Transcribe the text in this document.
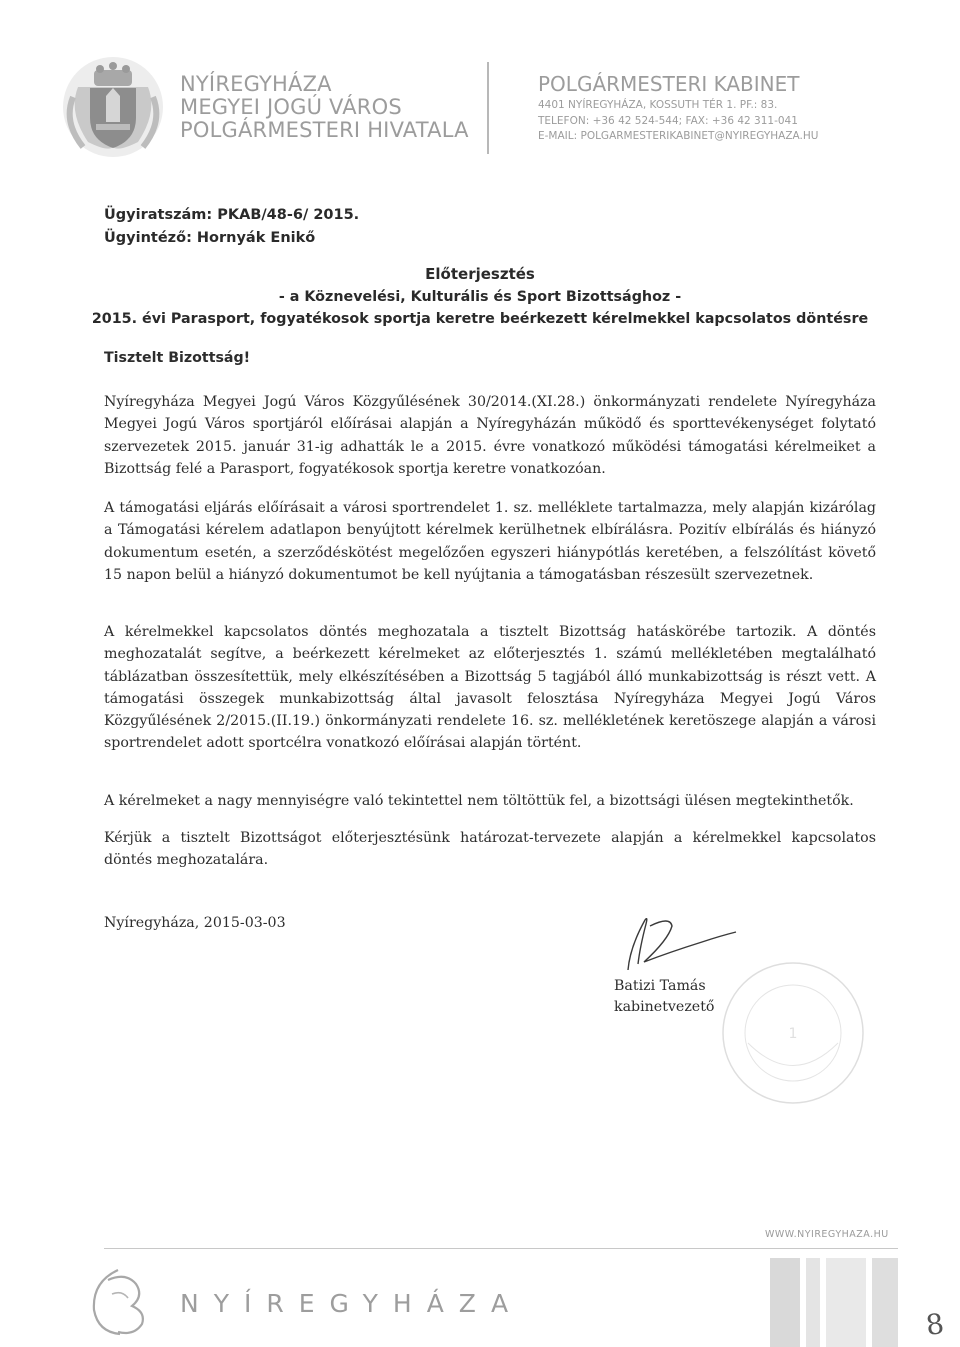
NYÍREGYHÁZA
MEGYEI JOGÚ VÁROS
POLGÁRMESTERI HIVATALA
POLGÁRMESTERI KABINET
4401 NYÍREGYHÁZA, KOSSUTH TÉR 1. PF.: 83.
TELEFON: +36 42 524-544; FAX: +36 42 311-041
E-MAIL: POLGARMESTERIKABINET@NYIREGYHAZA.HU
Ügyiratszám: PKAB/48-6/ 2015.
Ügyintéző: Hornyák Enikő
Előterjesztés
- a Köznevelési, Kulturális és Sport Bizottsághoz -
2015. évi Parasport, fogyatékosok sportja keretre beérkezett kérelmekkel kapcsolatos döntésre
Tisztelt Bizottság!
Nyíregyháza Megyei Jogú Város Közgyűlésének 30/2014.(XI.28.) önkormányzati rendelete Nyíregyháza Megyei Jogú Város sportjáról előírásai alapján a Nyíregyházán működő és sporttevékenységet folytató szervezetek 2015. január 31-ig adhatták le a 2015. évre vonatkozó működési támogatási kérelmeiket a Bizottság felé a Parasport, fogyatékosok sportja keretre vonatkozóan.
A támogatási eljárás előírásait a városi sportrendelet 1. sz. melléklete tartalmazza, mely alapján kizárólag a Támogatási kérelem adatlapon benyújtott kérelmek kerülhetnek elbírálásra. Pozitív elbírálás és hiányzó dokumentum esetén, a szerződéskötést megelőzően egyszeri hiánypótlás keretében, a felszólítást követő 15 napon belül a hiányzó dokumentumot be kell nyújtania a támogatásban részesült szervezetnek.
A kérelmekkel kapcsolatos döntés meghozatala a tisztelt Bizottság hatáskörébe tartozik. A döntés meghozatalát segítve, a beérkezett kérelmeket az előterjesztés 1. számú mellékletében megtalálható táblázatban összesítettük, mely elkészítésében a Bizottság 5 tagjából álló munkabizottság is részt vett. A támogatási összegek munkabizottság által javasolt felosztása Nyíregyháza Megyei Jogú Város Közgyűlésének 2/2015.(II.19.) önkormányzati rendelete 16. sz. mellékletének keretöszege alapján a városi sportrendelet adott sportcélra vonatkozó előírásai alapján történt.
A kérelmeket a nagy mennyiségre való tekintettel nem töltöttük fel, a bizottsági ülésen megtekinthetők.
Kérjük a tisztelt Bizottságot előterjesztésünk határozat-tervezete alapján a kérelmekkel kapcsolatos döntés meghozatalára.
Nyíregyháza, 2015-03-03
Batizi Tamás
kabinetvezető
1
WWW.NYIREGYHAZA.HU
NYÍREGYHÁZA
8
